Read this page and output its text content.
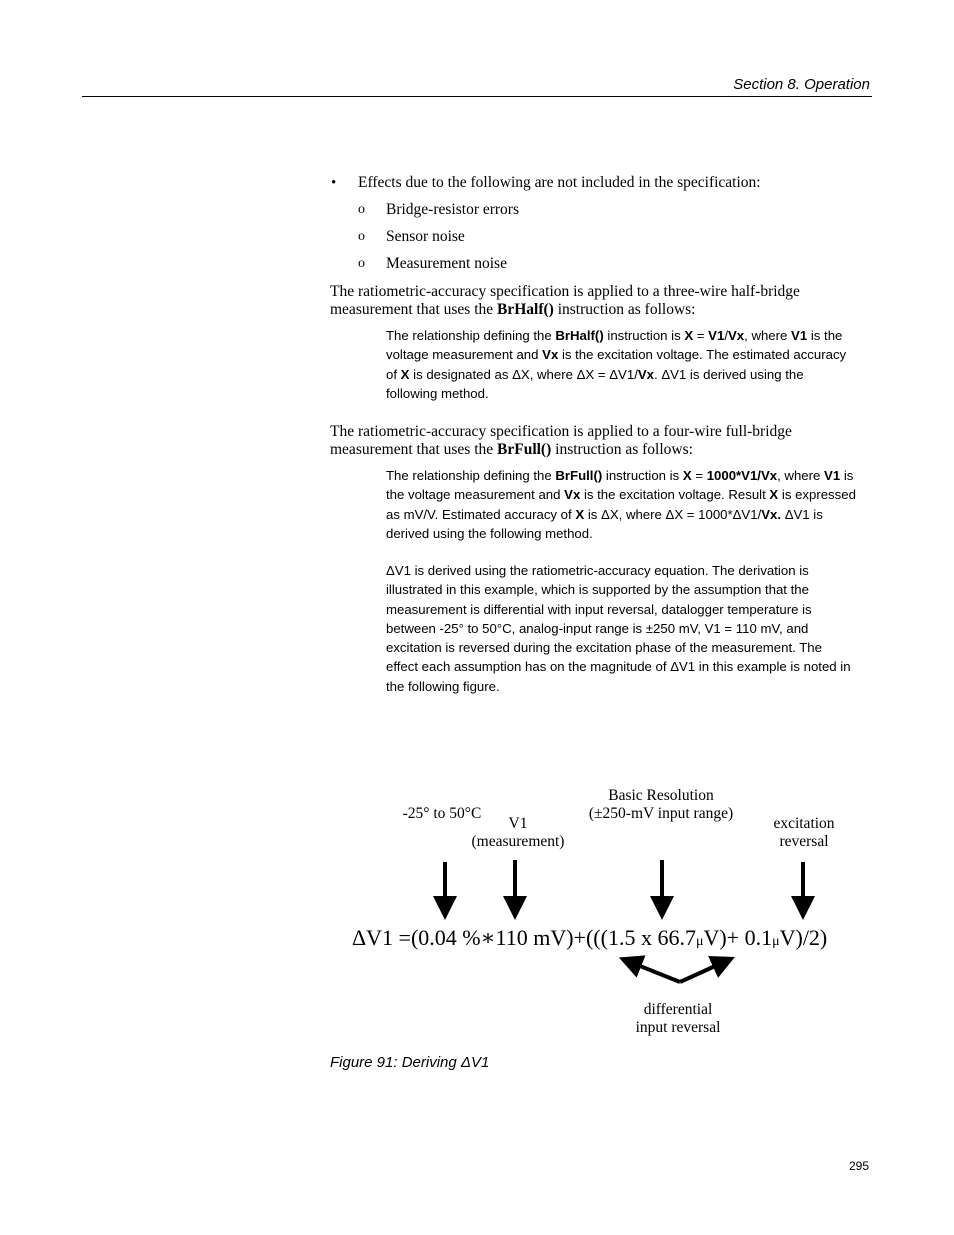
Section 8. Operation
• Effects due to the following are not included in the specification:
o Bridge-resistor errors
o Sensor noise
o Measurement noise
The ratiometric-accuracy specification is applied to a three-wire half-bridge measurement that uses the BrHalf() instruction as follows:
The relationship defining the BrHalf() instruction is X = V1/Vx, where V1 is the voltage measurement and Vx is the excitation voltage. The estimated accuracy of X is designated as ΔX, where ΔX = ΔV1/Vx. ΔV1 is derived using the following method.
The ratiometric-accuracy specification is applied to a four-wire full-bridge measurement that uses the BrFull() instruction as follows:
The relationship defining the BrFull() instruction is X = 1000*V1/Vx, where V1 is the voltage measurement and Vx is the excitation voltage. Result X is expressed as mV/V. Estimated accuracy of X is ΔX, where ΔX = 1000*ΔV1/Vx. ΔV1 is derived using the following method.
ΔV1 is derived using the ratiometric-accuracy equation. The derivation is illustrated in this example, which is supported by the assumption that the measurement is differential with input reversal, datalogger temperature is between -25° to 50°C, analog-input range is ±250 mV, V1 = 110 mV, and excitation is reversed during the excitation phase of the measurement. The effect each assumption has on the magnitude of ΔV1 in this example is noted in the following figure.
-25° to 50°C
V1
(measurement)
Basic Resolution
(±250-mV input range)
excitation
reversal
ΔV1 =(0.04 %∗110 mV)+(((1.5 x 66.7μV)+ 0.1μV)/2)
differential
input reversal
Figure 91: Deriving ΔV1
295
